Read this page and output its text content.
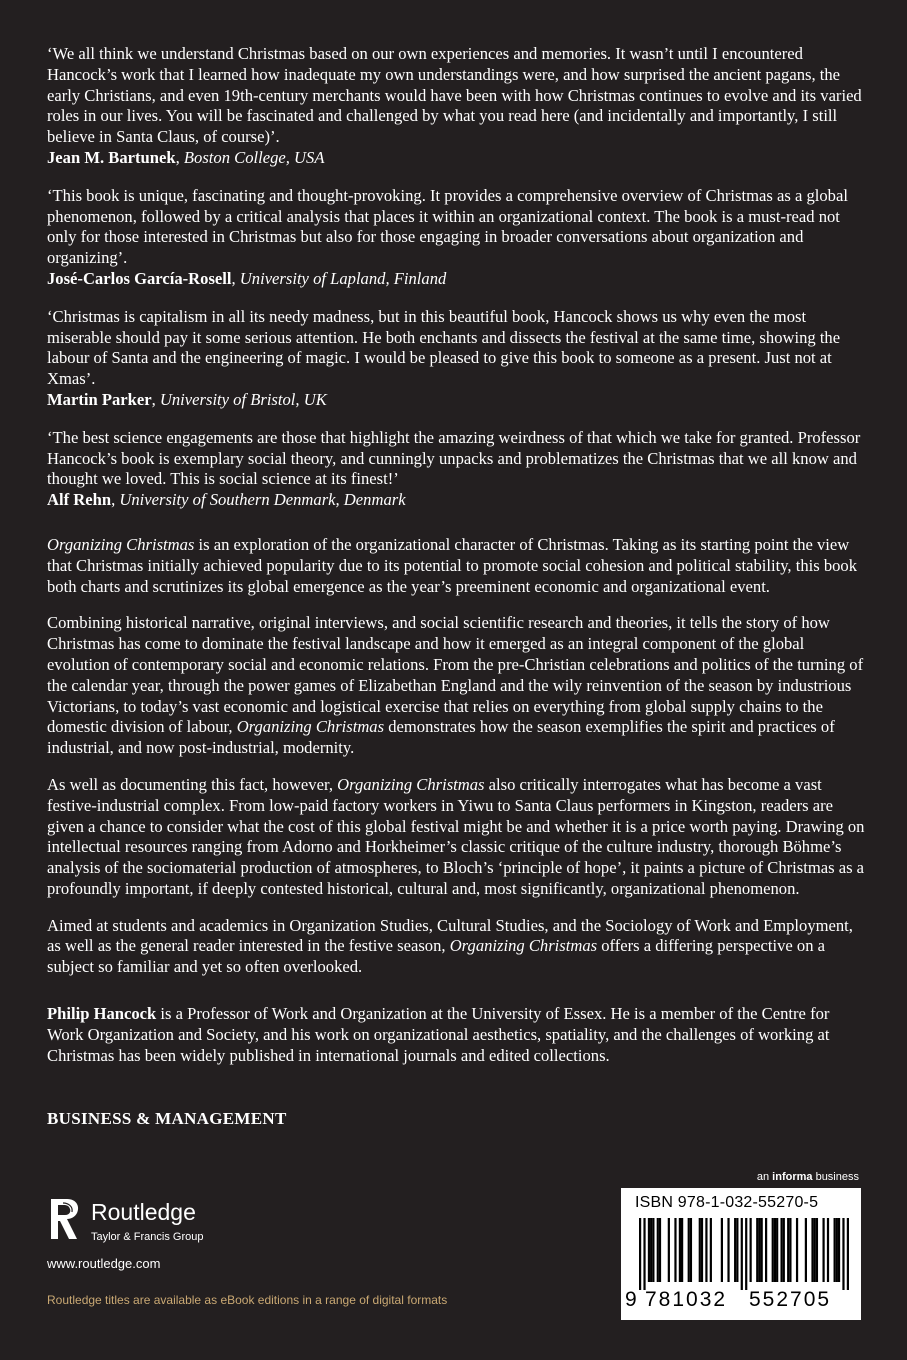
‘We all think we understand Christmas based on our own experiences and memories. It wasn’t until I encountered Hancock’s work that I learned how inadequate my own understandings were, and how surprised the ancient pagans, the early Christians, and even 19th-century merchants would have been with how Christmas continues to evolve and its varied roles in our lives. You will be fascinated and challenged by what you read here (and incidentally and importantly, I still believe in Santa Claus, of course)’.
Jean M. Bartunek, Boston College, USA

‘This book is unique, fascinating and thought-provoking. It provides a comprehensive overview of Christmas as a global phenomenon, followed by a critical analysis that places it within an organizational context. The book is a must-read not only for those interested in Christmas but also for those engaging in broader conversations about organization and organizing’.
José-Carlos García-Rosell, University of Lapland, Finland

‘Christmas is capitalism in all its needy madness, but in this beautiful book, Hancock shows us why even the most miserable should pay it some serious attention. He both enchants and dissects the festival at the same time, showing the labour of Santa and the engineering of magic. I would be pleased to give this book to someone as a present. Just not at Xmas’.
Martin Parker, University of Bristol, UK

‘The best science engagements are those that highlight the amazing weirdness of that which we take for granted. Professor Hancock’s book is exemplary social theory, and cunningly unpacks and problematizes the Christmas that we all know and thought we loved. This is social science at its finest!’
Alf Rehn, University of Southern Denmark, Denmark

Organizing Christmas is an exploration of the organizational character of Christmas. Taking as its starting point the view that Christmas initially achieved popularity due to its potential to promote social cohesion and political stability, this book both charts and scrutinizes its global emergence as the year’s preeminent economic and organizational event.

Combining historical narrative, original interviews, and social scientific research and theories, it tells the story of how Christmas has come to dominate the festival landscape and how it emerged as an integral component of the global evolution of contemporary social and economic relations. From the pre-Christian celebrations and politics of the turning of the calendar year, through the power games of Elizabethan England and the wily reinvention of the season by industrious Victorians, to today’s vast economic and logistical exercise that relies on everything from global supply chains to the domestic division of labour, Organizing Christmas demonstrates how the season exemplifies the spirit and practices of industrial, and now post-industrial, modernity.

As well as documenting this fact, however, Organizing Christmas also critically interrogates what has become a vast festive-industrial complex. From low-paid factory workers in Yiwu to Santa Claus performers in Kingston, readers are given a chance to consider what the cost of this global festival might be and whether it is a price worth paying. Drawing on intellectual resources ranging from Adorno and Horkheimer’s classic critique of the culture industry, thorough Böhme’s analysis of the sociomaterial production of atmospheres, to Bloch’s ‘principle of hope’, it paints a picture of Christmas as a profoundly important, if deeply contested historical, cultural and, most significantly, organizational phenomenon.

Aimed at students and academics in Organization Studies, Cultural Studies, and the Sociology of Work and Employment, as well as the general reader interested in the festive season, Organizing Christmas offers a differing perspective on a subject so familiar and yet so often overlooked.

Philip Hancock is a Professor of Work and Organization at the University of Essex. He is a member of the Centre for Work Organization and Society, and his work on organizational aesthetics, spatiality, and the challenges of working at Christmas has been widely published in international journals and edited collections.

BUSINESS & MANAGEMENT
an informa business
ISBN 978-1-032-55270-5
9 781032 552705
Routledge
Taylor & Francis Group
www.routledge.com
Routledge titles are available as eBook editions in a range of digital formats
